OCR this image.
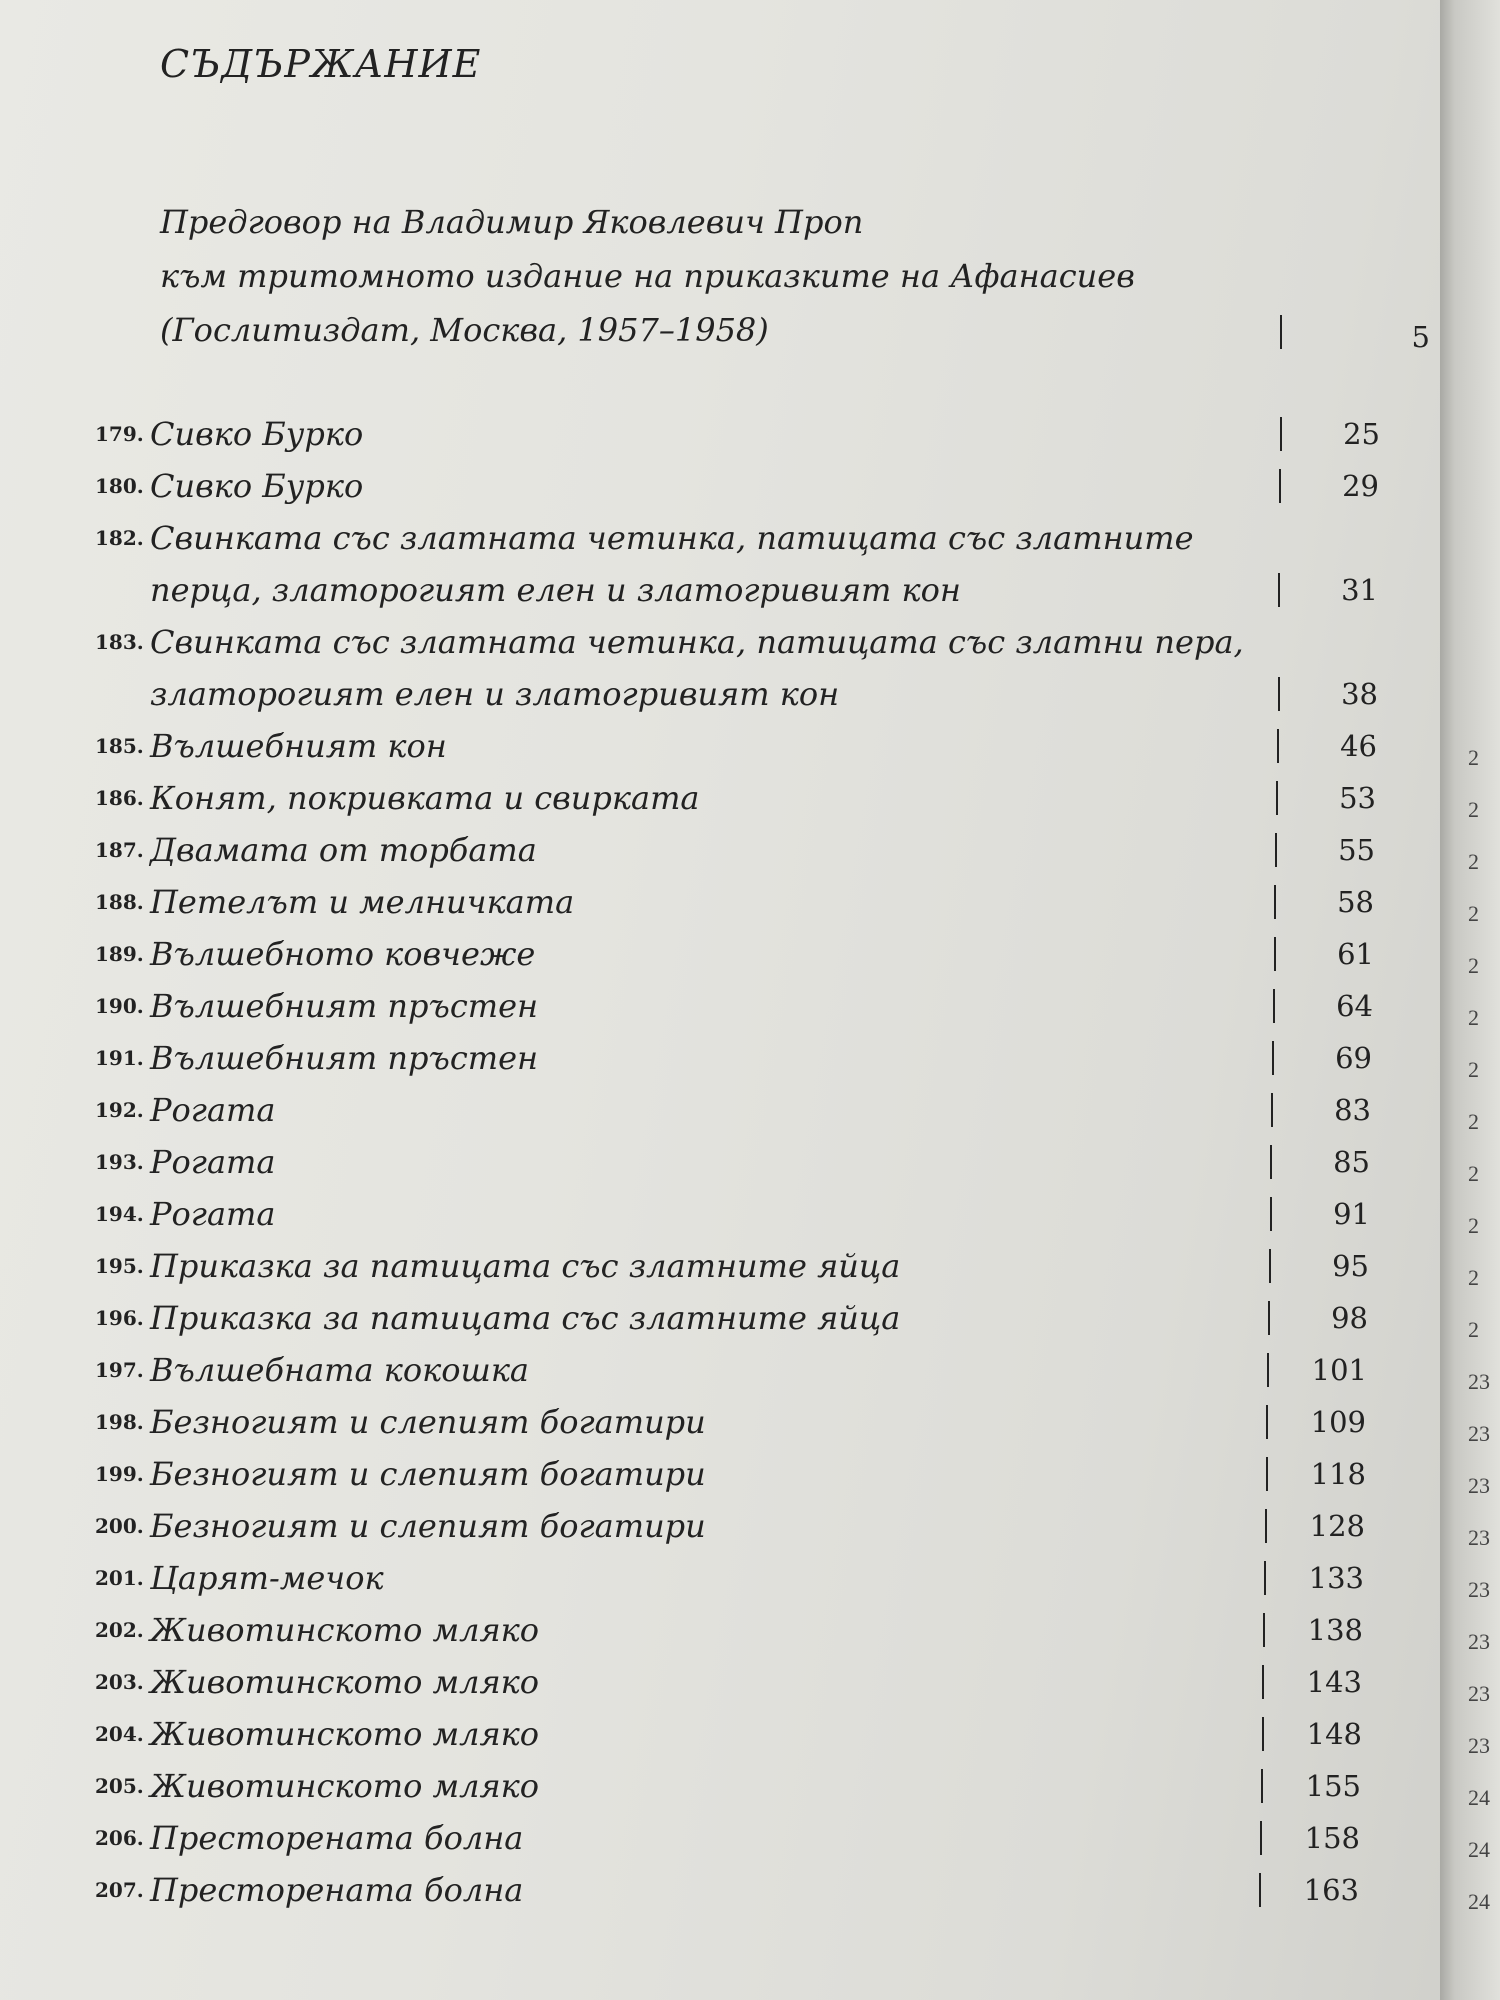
СЪДЪРЖАНИЕ
Предговор на Владимир Яковлевич Проп
към тритомното издание на приказките на Афанасиев
(Гослитиздат, Москва, 1957–1958)	5
179. Сивко Бурко	25
180. Сивко Бурко	29
182. Свинката със златната четинка, патицата със златните
перца, златорогият елен и златогривият кон	31
183. Свинката със златната четинка, патицата със златни пера,
златорогият елен и златогривият кон	38
185. Вълшебният кон	46
186. Конят, покривката и свирката	53
187. Двамата от торбата	55
188. Петелът и мелничката	58
189. Вълшебното ковчеже	61
190. Вълшебният пръстен	64
191. Вълшебният пръстен	69
192. Рогата	83
193. Рогата	85
194. Рогата	91
195. Приказка за патицата със златните яйца	95
196. Приказка за патицата със златните яйца	98
197. Вълшебната кокошка	101
198. Безногият и слепият богатири	109
199. Безногият и слепият богатири	118
200. Безногият и слепият богатири	128
201. Царят-мечок	133
202. Животинското мляко	138
203. Животинското мляко	143
204. Животинското мляко	148
205. Животинското мляко	155
206. Престорената болна	158
207. Престорената болна	163
2
2
2
2
2
2
2
2
2
2
2
2
23
23
23
23
23
23
23
23
24
24
24
